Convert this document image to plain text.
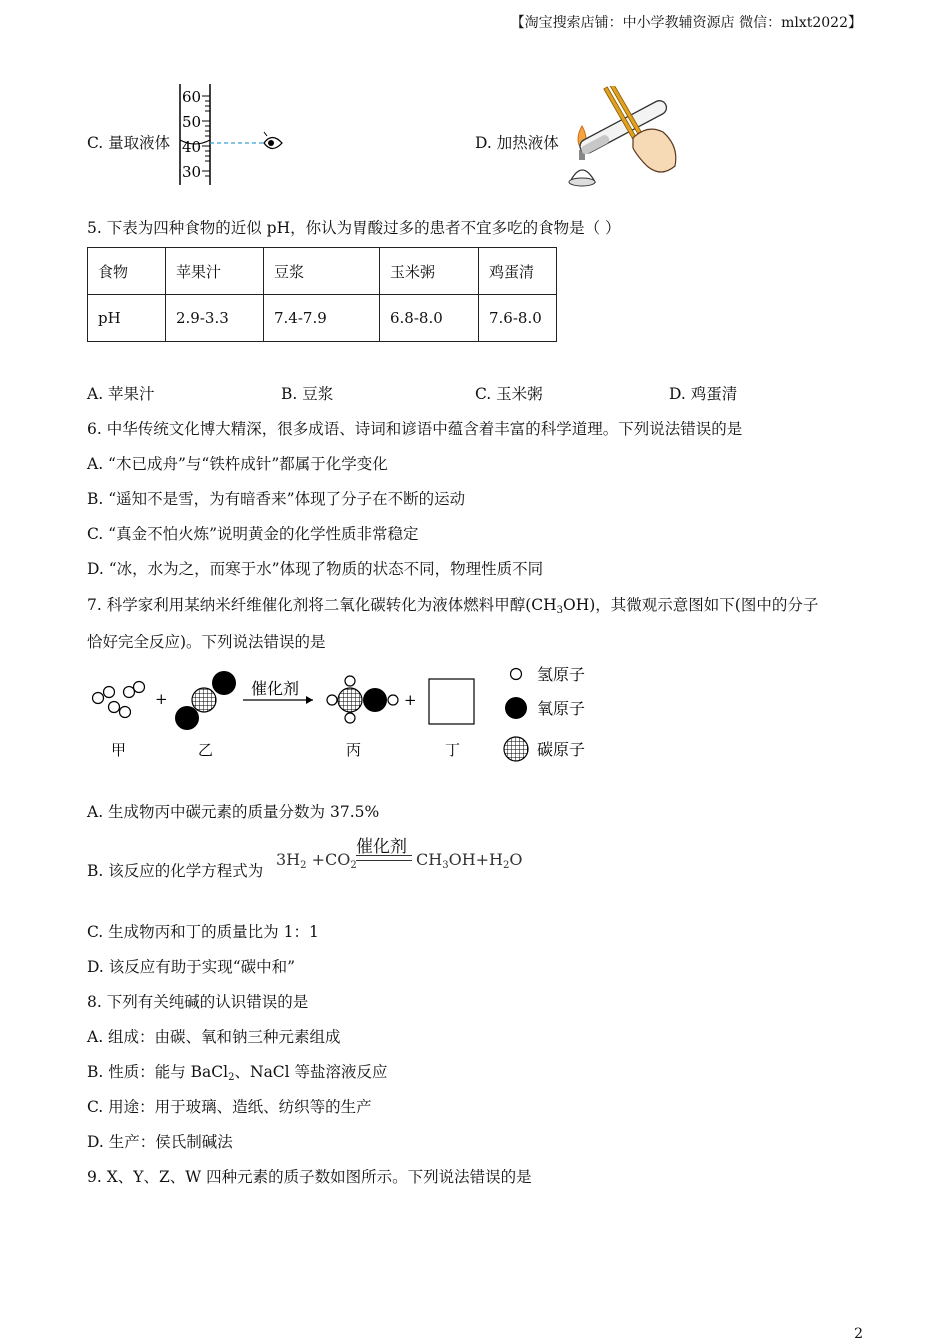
【淘宝搜索店铺：中小学教辅资源店 微信：mlxt2022】
C. 量取液体
60
50
40
30
D. 加热液体
5. 下表为四种食物的近似 pH，你认为胃酸过多的患者不宜多吃的食物是（ ）
食物	苹果汁	豆浆	玉米粥	鸡蛋清
pH	2.9-3.3	7.4-7.9	6.8-8.0	7.6-8.0
A. 苹果汁	B. 豆浆	C. 玉米粥	D. 鸡蛋清
6. 中华传统文化博大精深，很多成语、诗词和谚语中蕴含着丰富的科学道理。下列说法错误的是
A. “木已成舟”与“铁杵成针”都属于化学变化
B. “遥知不是雪，为有暗香来”体现了分子在不断的运动
C. “真金不怕火炼”说明黄金的化学性质非常稳定
D. “冰，水为之，而寒于水”体现了物质的状态不同，物理性质不同
7. 科学家利用某纳米纤维催化剂将二氧化碳转化为液体燃料甲醇$(CH_3OH)$，其微观示意图如下(图中的分子
恰好完全反应)。下列说法错误的是
+
催化剂
+
甲	乙	丙	丁
氢原子
氧原子
碳原子
A. 生成物丙中碳元素的质量分数为 37.5%
B. 该反应的化学方程式为
催化剂
$3H_2 +CO_2$	$CH_3OH+H_2O$
C. 生成物丙和丁的质量比为 1：1
D. 该反应有助于实现“碳中和”
8. 下列有关纯碱的认识错误的是
A. 组成：由碳、氧和钠三种元素组成
B. 性质：能与 BaCl$_2$、NaCl 等盐溶液反应
C. 用途：用于玻璃、造纸、纺织等的生产
D. 生产：侯氏制碱法
9. X、Y、Z、W 四种元素的质子数如图所示。下列说法错误的是
2
